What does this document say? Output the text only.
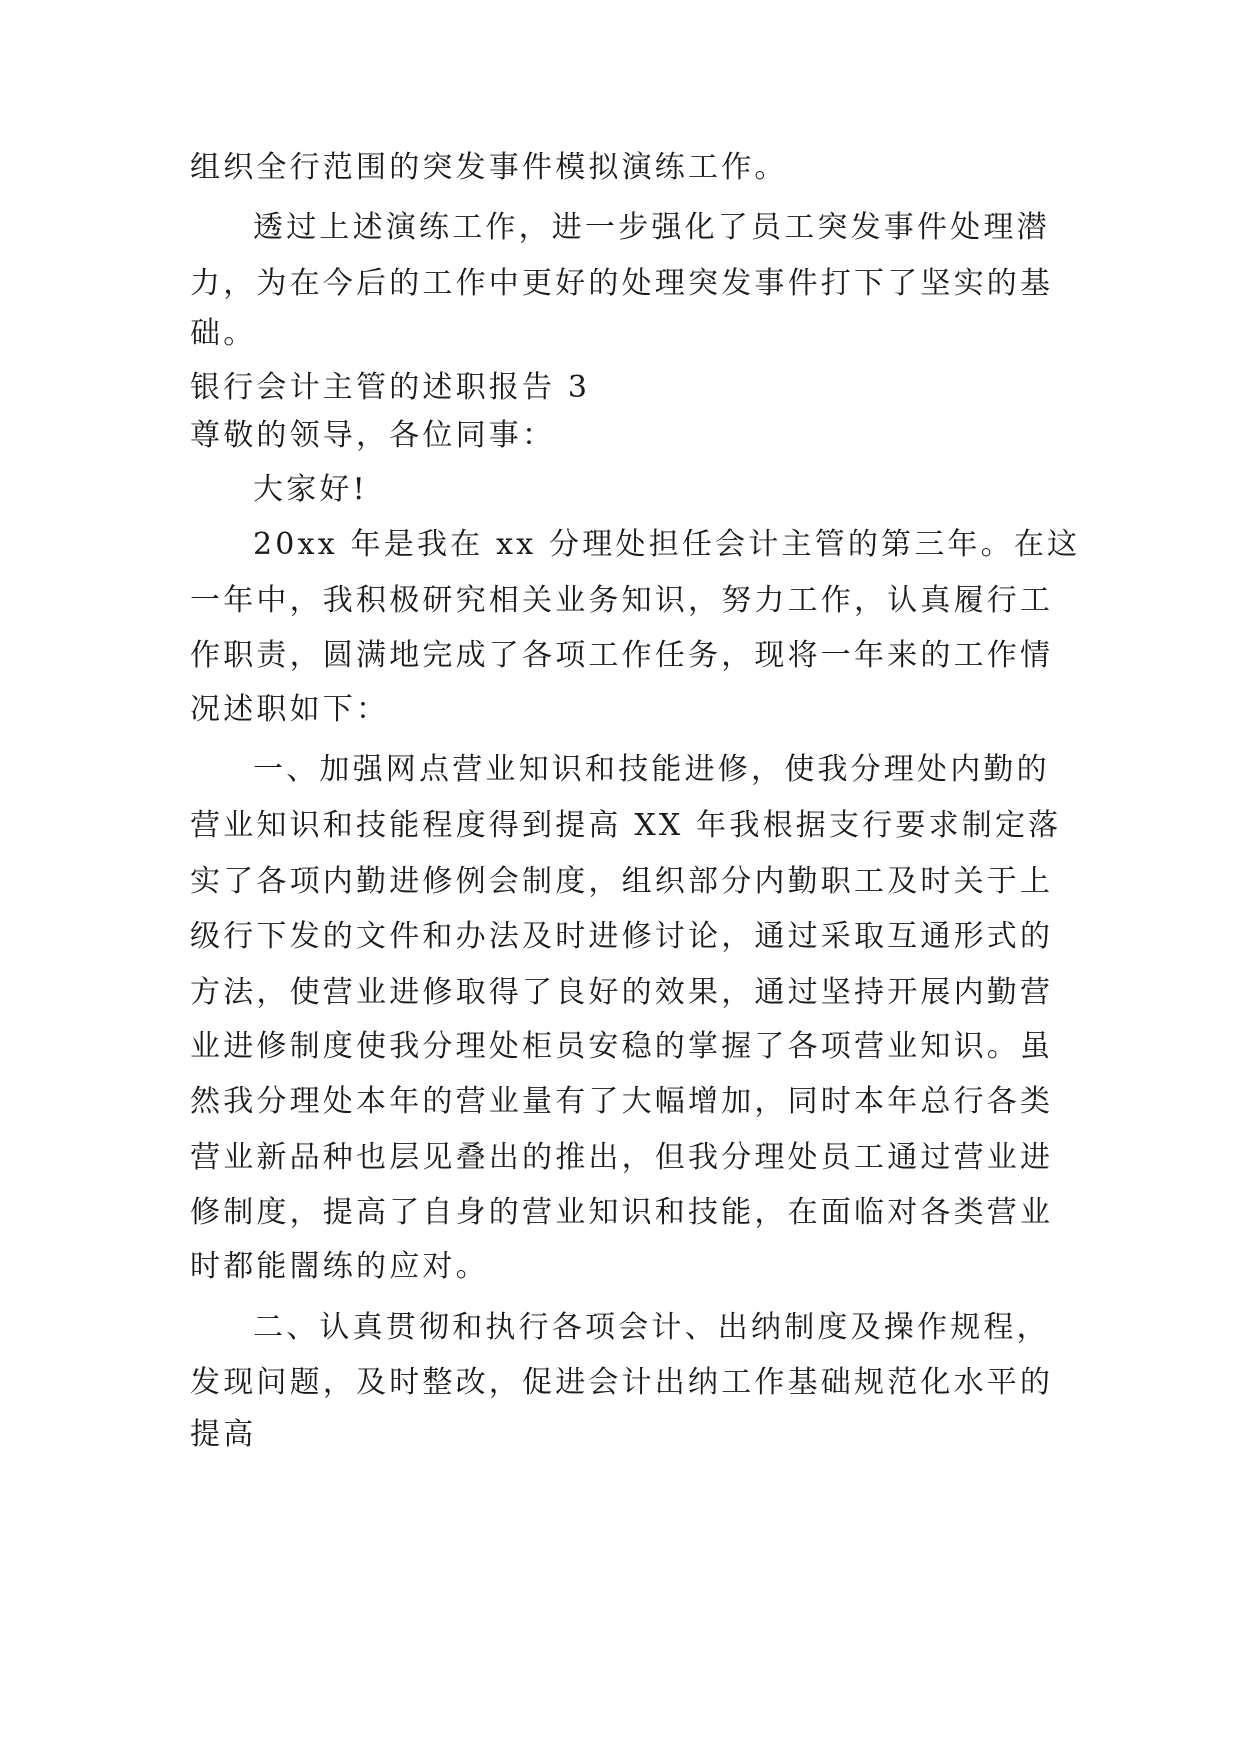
组织全行范围的突发事件模拟演练工作。
透过上述演练工作，进一步强化了员工突发事件处理潜
力，为在今后的工作中更好的处理突发事件打下了坚实的基
础。
银行会计主管的述职报告 3
尊敬的领导，各位同事：
大家好!
20xx 年是我在 xx 分理处担任会计主管的第三年。在这
一年中，我积极研究相关业务知识，努力工作，认真履行工
作职责，圆满地完成了各项工作任务，现将一年来的工作情
况述职如下：
一、加强网点营业知识和技能进修，使我分理处内勤的
营业知识和技能程度得到提高 XX 年我根据支行要求制定落
实了各项内勤进修例会制度，组织部分内勤职工及时关于上
级行下发的文件和办法及时进修讨论，通过采取互通形式的
方法，使营业进修取得了良好的效果，通过坚持开展内勤营
业进修制度使我分理处柜员安稳的掌握了各项营业知识。虽
然我分理处本年的营业量有了大幅增加，同时本年总行各类
营业新品种也层见叠出的推出，但我分理处员工通过营业进
修制度，提高了自身的营业知识和技能，在面临对各类营业
时都能闇练的应对。
二、认真贯彻和执行各项会计、出纳制度及操作规程，
发现问题，及时整改，促进会计出纳工作基础规范化水平的
提高
